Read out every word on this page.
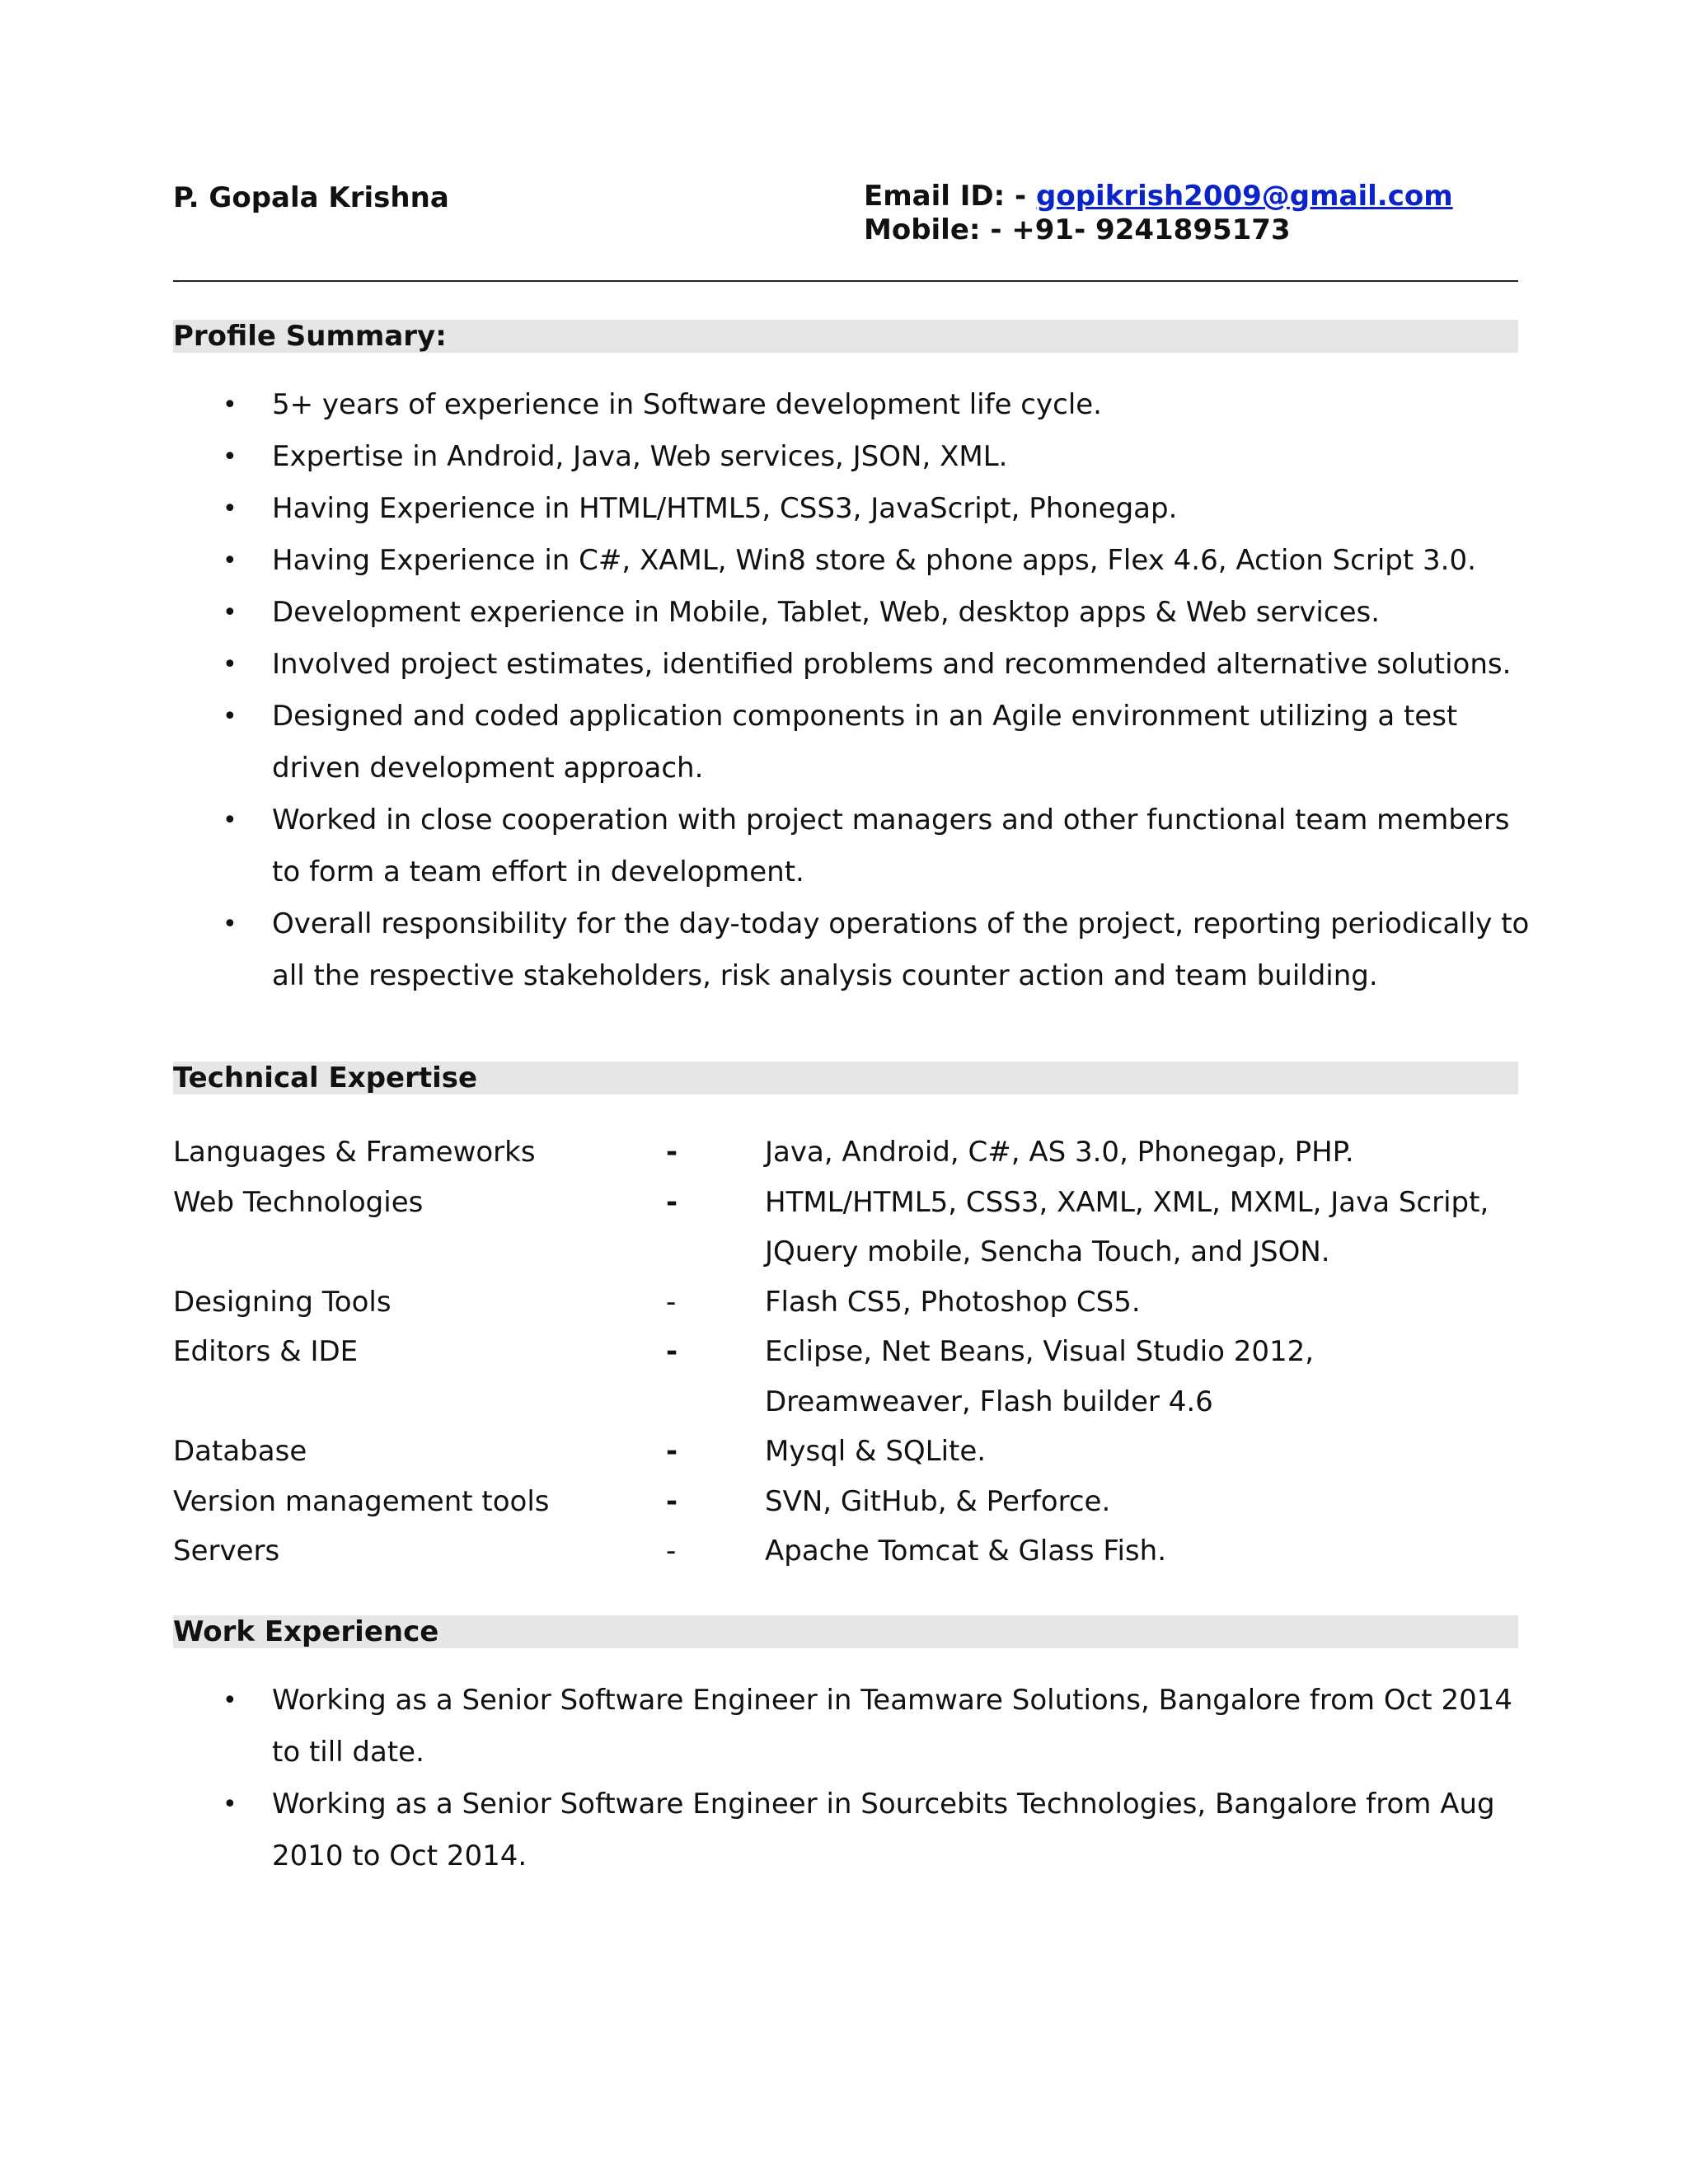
P. Gopala Krishna	Email ID: - gopikrish2009@gmail.com
Mobile: - +91- 9241895173
Profile Summary:
• 5+ years of experience in Software development life cycle.
• Expertise in Android, Java, Web services, JSON, XML.
• Having Experience in HTML/HTML5, CSS3, JavaScript, Phonegap.
• Having Experience in C#, XAML, Win8 store & phone apps, Flex 4.6, Action Script 3.0.
• Development experience in Mobile, Tablet, Web, desktop apps & Web services.
• Involved project estimates, identified problems and recommended alternative solutions.
• Designed and coded application components in an Agile environment utilizing a test
driven development approach.
• Worked in close cooperation with project managers and other functional team members
to form a team effort in development.
• Overall responsibility for the day-today operations of the project, reporting periodically to
all the respective stakeholders, risk analysis counter action and team building.
Technical Expertise
Languages & Frameworks	-	Java, Android, C#, AS 3.0, Phonegap, PHP.
Web Technologies	-	HTML/HTML5, CSS3, XAML, XML, MXML, Java Script,
JQuery mobile, Sencha Touch, and JSON.
Designing Tools	-	Flash CS5, Photoshop CS5.
Editors & IDE	-	Eclipse, Net Beans, Visual Studio 2012,
Dreamweaver, Flash builder 4.6
Database	-	Mysql & SQLite.
Version management tools	-	SVN, GitHub, & Perforce.
Servers	-	Apache Tomcat & Glass Fish.
Work Experience
• Working as a Senior Software Engineer in Teamware Solutions, Bangalore from Oct 2014
to till date.
• Working as a Senior Software Engineer in Sourcebits Technologies, Bangalore from Aug
2010 to Oct 2014.
